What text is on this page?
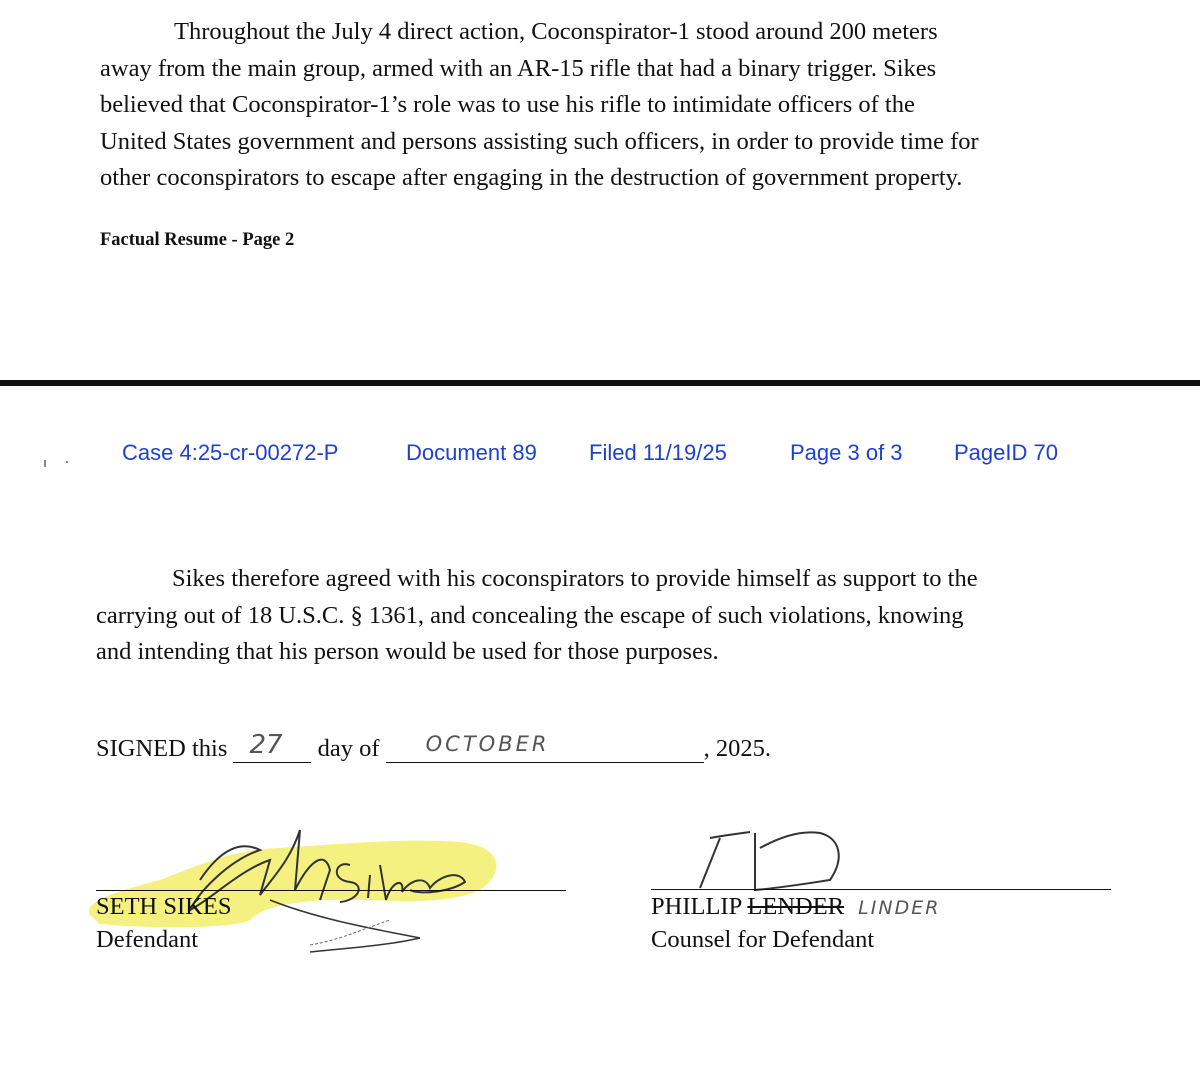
Throughout the July 4 direct action, Coconspirator-1 stood around 200 meters
away from the main group, armed with an AR-15 rifle that had a binary trigger. Sikes
believed that Coconspirator-1’s role was to use his rifle to intimidate officers of the
United States government and persons assisting such officers, in order to provide time for
other coconspirators to escape after engaging in the destruction of government property.
Factual Resume - Page 2
Case 4:25-cr-00272-P	Document 89 Filed 11/19/25	Page 3 of 3 PageID 70
Sikes therefore agreed with his coconspirators to provide himself as support to the
carrying out of 18 U.S.C. § 1361, and concealing the escape of such violations, knowing
and intending that his person would be used for those purposes.
SIGNED this 27 day of OCTOBER	, 2025.
SETH SIKES
Defendant
PHILLIP LENDER LINDER
Counsel for Defendant
